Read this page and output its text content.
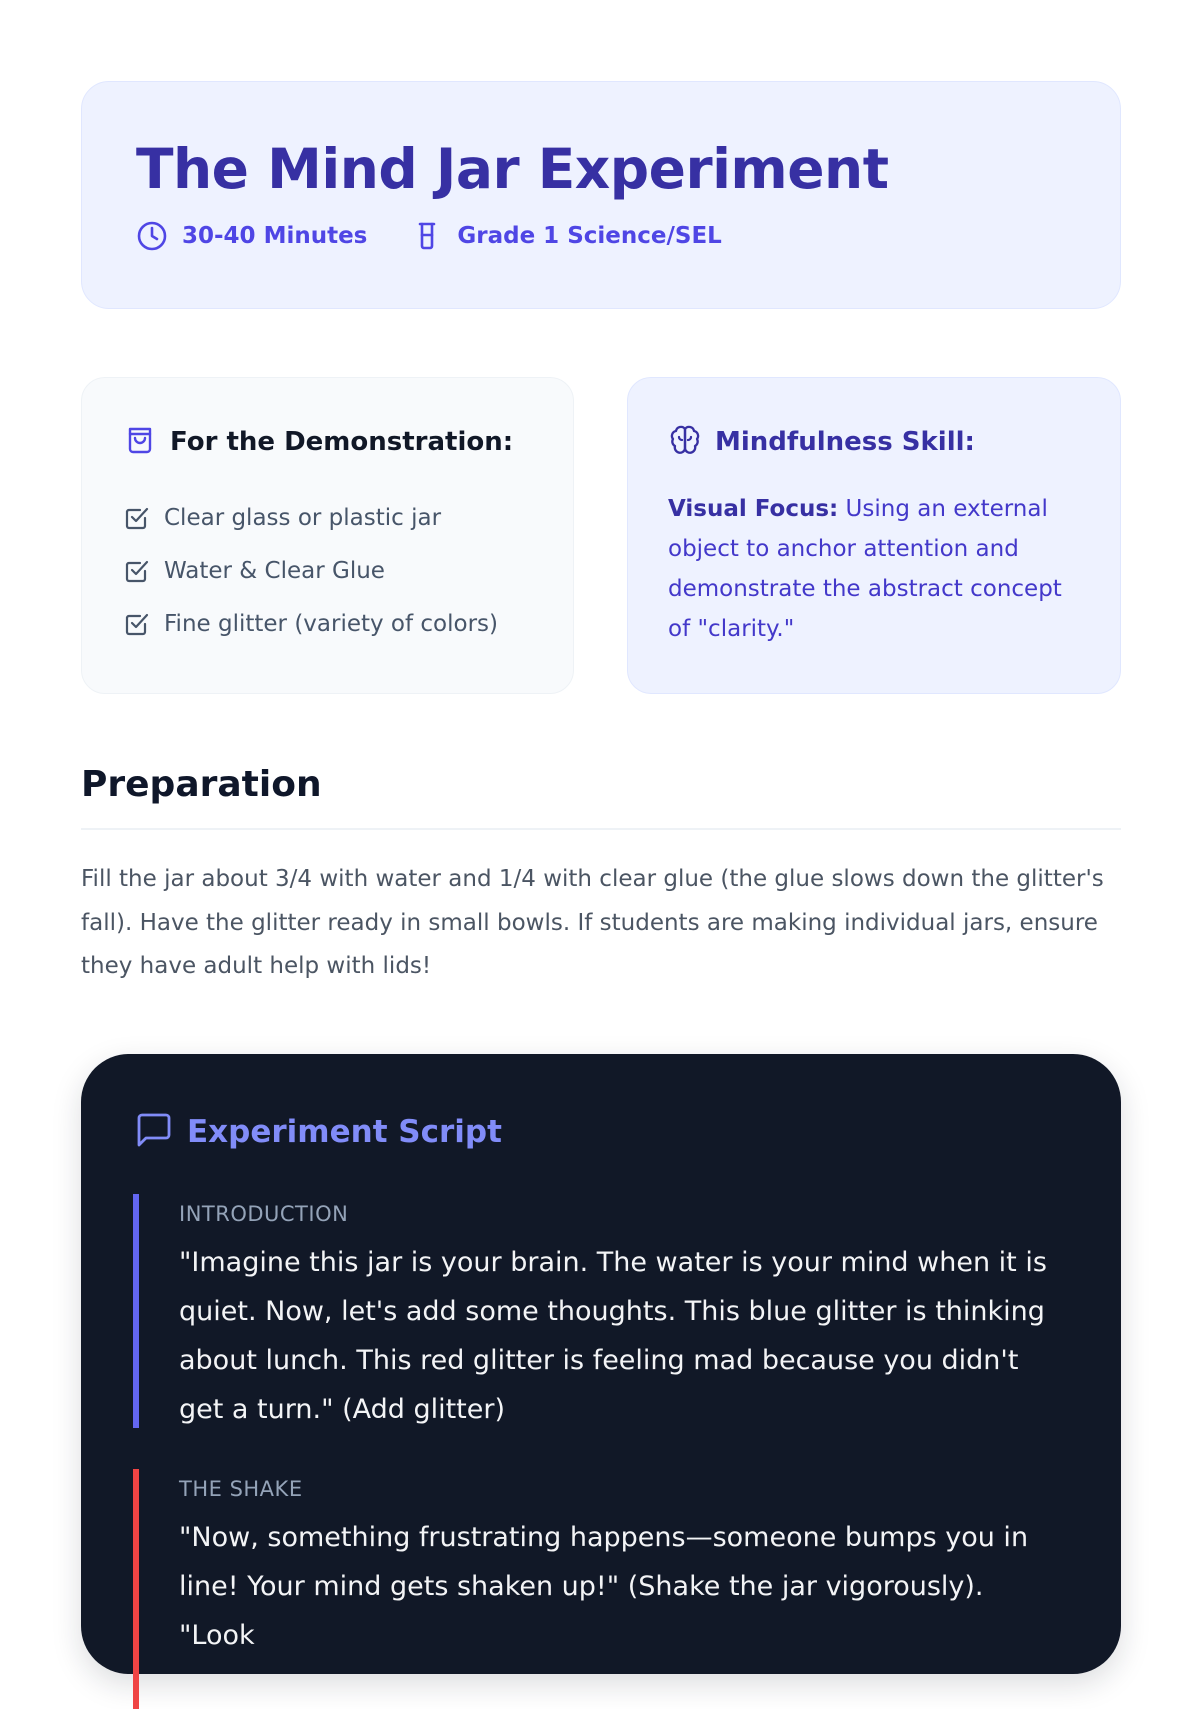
The Mind Jar Experiment
30-40 Minutes	Grade 1 Science/SEL
For the Demonstration:
Clear glass or plastic jar
Water & Clear Glue
Fine glitter (variety of colors)
Mindfulness Skill:

Visual Focus: Using an external object to anchor attention and demonstrate the abstract concept of "clarity."

Preparation

Fill the jar about 3/4 with water and 1/4 with clear glue (the glue slows down the glitter's fall). Have the glitter ready in small bowls. If students are making individual jars, ensure they have adult help with lids!

Experiment Script
INTRODUCTION

"Imagine this jar is your brain. The water is your mind when it is quiet. Now, let's add some thoughts. This blue glitter is thinking about lunch. This red glitter is feeling mad because you didn't get a turn." (Add glitter)

THE SHAKE

"Now, something frustrating happens—someone bumps you in line! Your mind gets shaken up!" (Shake the jar vigorously). "Look
